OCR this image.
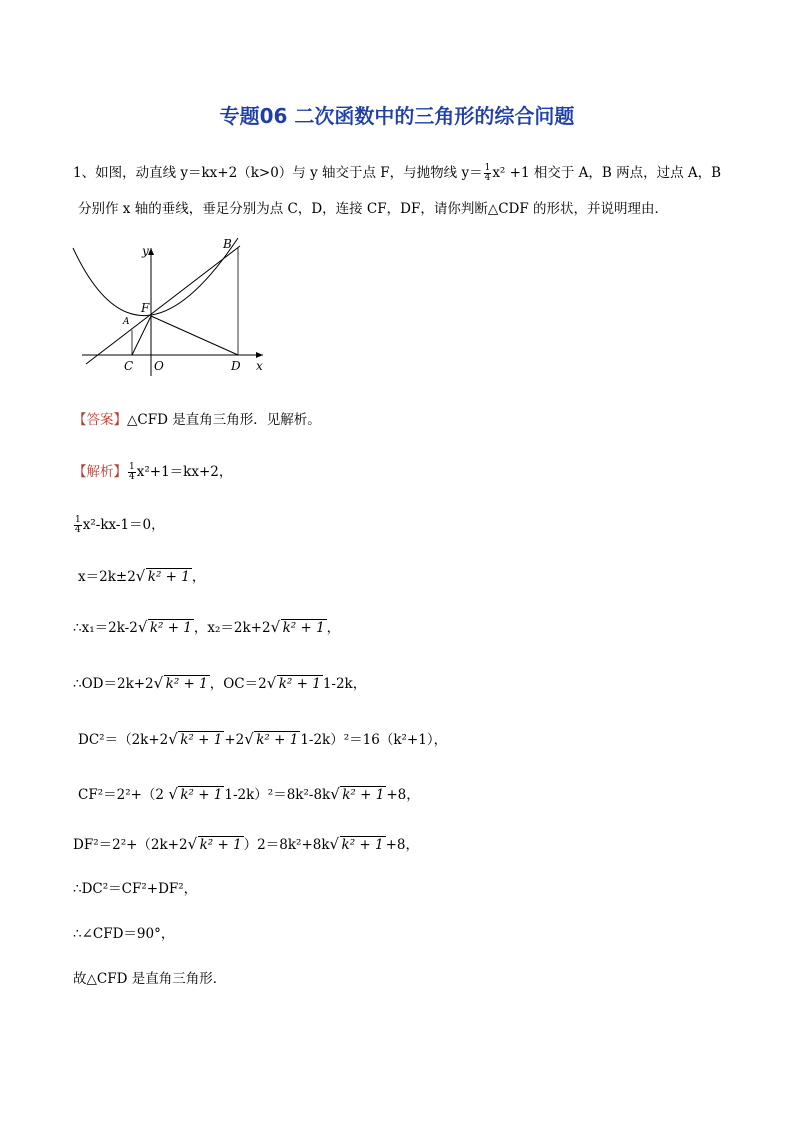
专题06 二次函数中的三角形的综合问题
1、如图，动直线 y＝kx+2（k>0）与 y 轴交于点 F，与抛物线 $y= \frac{1}{4} x^2 +1$ 相交于 A，B 两点，过点 A，B
分别作 x 轴的垂线，垂足分别为点 C，D，连接 CF，DF，请你判断△CDF 的形状，并说明理由．
y	B
F
A
C O	D x
【答案】△CFD 是直角三角形．见解析。
【解析】 $\frac{1}{4} x^2+1=kx+2$，
$\frac{1}{4} x^2-kx-1=0$，
x＝2k±2 √ k² + 1 ，
∴x₁＝2k-2 √ k² + 1 ，x₂＝2k+2 √ k² + 1 ，
∴OD＝2k+2 √ k² + 1 ，OC＝2 √ k² + 1 1-2k，
DC²＝（2k+2 √ k² + 1 +2 √ k² + 1 1-2k）²＝16（k²+1），
CF²＝2²+（2 √ k² + 1 1-2k）²＝8k²-8k √ k² + 1 +8，
DF²＝2²+（2k+2 √ k² + 1 ）2＝8k²+8k √ k² + 1 +8，
∴DC²＝CF²+DF²，
∴∠CFD＝90°，
故△CFD 是直角三角形．
